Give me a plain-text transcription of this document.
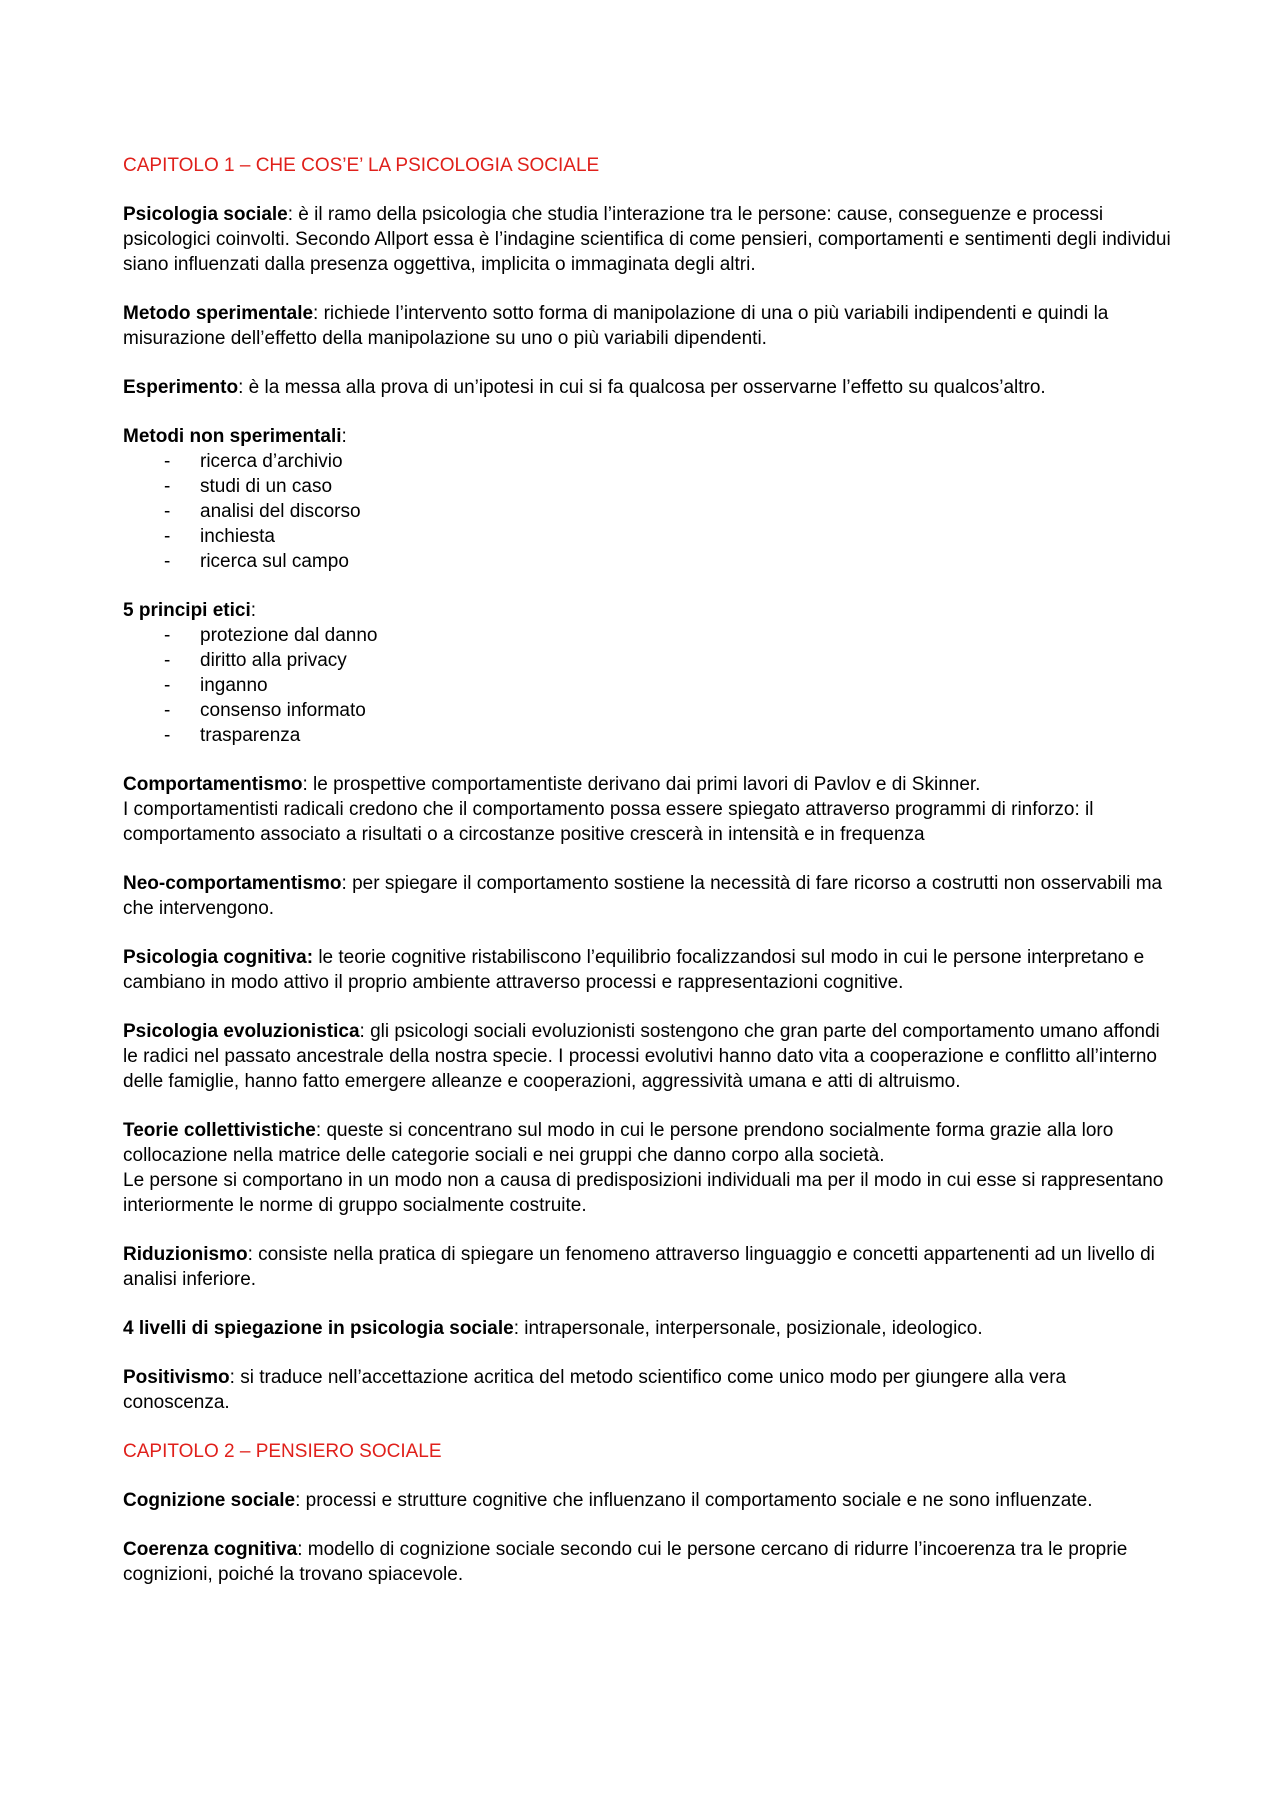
CAPITOLO 1 – CHE COS’E’ LA PSICOLOGIA SOCIALE
Psicologia sociale: è il ramo della psicologia che studia l’interazione tra le persone: cause, conseguenze e processi psicologici coinvolti. Secondo Allport essa è l’indagine scientifica di come pensieri, comportamenti e sentimenti degli individui siano influenzati dalla presenza oggettiva, implicita o immaginata degli altri.
Metodo sperimentale: richiede l’intervento sotto forma di manipolazione di una o più variabili indipendenti e quindi la misurazione dell’effetto della manipolazione su uno o più variabili dipendenti.
Esperimento: è la messa alla prova di un’ipotesi in cui si fa qualcosa per osservarne l’effetto su qualcos’altro.
Metodi non sperimentali:
- ricerca d’archivio
- studi di un caso
- analisi del discorso
- inchiesta
- ricerca sul campo
5 principi etici:
- protezione dal danno
- diritto alla privacy
- inganno
- consenso informato
- trasparenza
Comportamentismo: le prospettive comportamentiste derivano dai primi lavori di Pavlov e di Skinner.
I comportamentisti radicali credono che il comportamento possa essere spiegato attraverso programmi di rinforzo: il comportamento associato a risultati o a circostanze positive crescerà in intensità e in frequenza
Neo-comportamentismo: per spiegare il comportamento sostiene la necessità di fare ricorso a costrutti non osservabili ma che intervengono.
Psicologia cognitiva: le teorie cognitive ristabiliscono l’equilibrio focalizzandosi sul modo in cui le persone interpretano e cambiano in modo attivo il proprio ambiente attraverso processi e rappresentazioni cognitive.
Psicologia evoluzionistica: gli psicologi sociali evoluzionisti sostengono che gran parte del comportamento umano affondi le radici nel passato ancestrale della nostra specie. I processi evolutivi hanno dato vita a cooperazione e conflitto all’interno delle famiglie, hanno fatto emergere alleanze e cooperazioni, aggressività umana e atti di altruismo.
Teorie collettivistiche: queste si concentrano sul modo in cui le persone prendono socialmente forma grazie alla loro collocazione nella matrice delle categorie sociali e nei gruppi che danno corpo alla società.
Le persone si comportano in un modo non a causa di predisposizioni individuali ma per il modo in cui esse si rappresentano interiormente le norme di gruppo socialmente costruite.
Riduzionismo: consiste nella pratica di spiegare un fenomeno attraverso linguaggio e concetti appartenenti ad un livello di analisi inferiore.
4 livelli di spiegazione in psicologia sociale: intrapersonale, interpersonale, posizionale, ideologico.
Positivismo: si traduce nell’accettazione acritica del metodo scientifico come unico modo per giungere alla vera conoscenza.
CAPITOLO 2 – PENSIERO SOCIALE
Cognizione sociale: processi e strutture cognitive che influenzano il comportamento sociale e ne sono influenzate.
Coerenza cognitiva: modello di cognizione sociale secondo cui le persone cercano di ridurre l’incoerenza tra le proprie cognizioni, poiché la trovano spiacevole.
